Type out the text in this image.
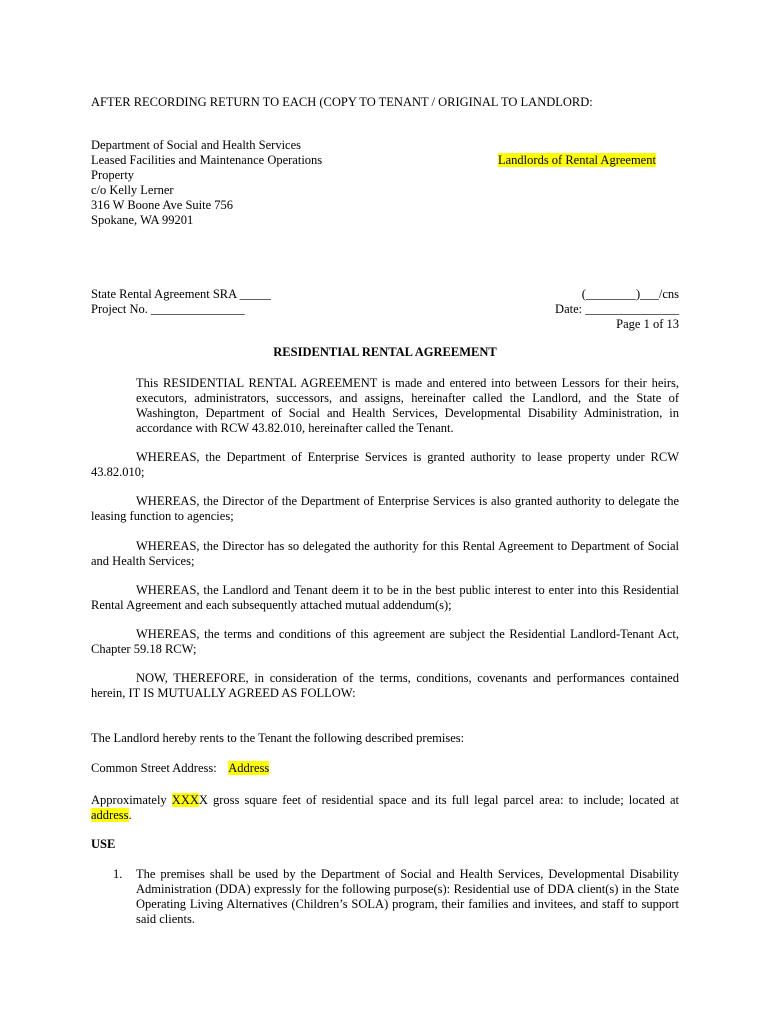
AFTER RECORDING RETURN TO EACH (COPY TO TENANT / ORIGINAL TO LANDLORD:
Department of Social and Health Services
Leased Facilities and Maintenance Operations
Property
c/o Kelly Lerner
316 W Boone Ave Suite 756
Spokane, WA 99201
Landlords of Rental Agreement
State Rental Agreement SRA _____
Project No. _______________
(________)___/cns
Date: _______________
Page 1 of 13
RESIDENTIAL RENTAL AGREEMENT
This RESIDENTIAL RENTAL AGREEMENT is made and entered into between Lessors for their heirs, executors, administrators, successors, and assigns, hereinafter called the Landlord, and the State of Washington, Department of Social and Health Services, Developmental Disability Administration, in accordance with RCW 43.82.010, hereinafter called the Tenant.
WHEREAS, the Department of Enterprise Services is granted authority to lease property under RCW 43.82.010;
WHEREAS, the Director of the Department of Enterprise Services is also granted authority to delegate the leasing function to agencies;
WHEREAS, the Director has so delegated the authority for this Rental Agreement to Department of Social and Health Services;
WHEREAS, the Landlord and Tenant deem it to be in the best public interest to enter into this Residential Rental Agreement and each subsequently attached mutual addendum(s);
WHEREAS, the terms and conditions of this agreement are subject the Residential Landlord-Tenant Act, Chapter 59.18 RCW;
NOW, THEREFORE, in consideration of the terms, conditions, covenants and performances contained herein, IT IS MUTUALLY AGREED AS FOLLOW:
The Landlord hereby rents to the Tenant the following described premises:
Common Street Address: Address
Approximately XXXX gross square feet of residential space and its full legal parcel area: to include; located at address.
USE
1. The premises shall be used by the Department of Social and Health Services, Developmental Disability Administration (DDA) expressly for the following purpose(s): Residential use of DDA client(s) in the State Operating Living Alternatives (Children’s SOLA) program, their families and invitees, and staff to support said clients.
